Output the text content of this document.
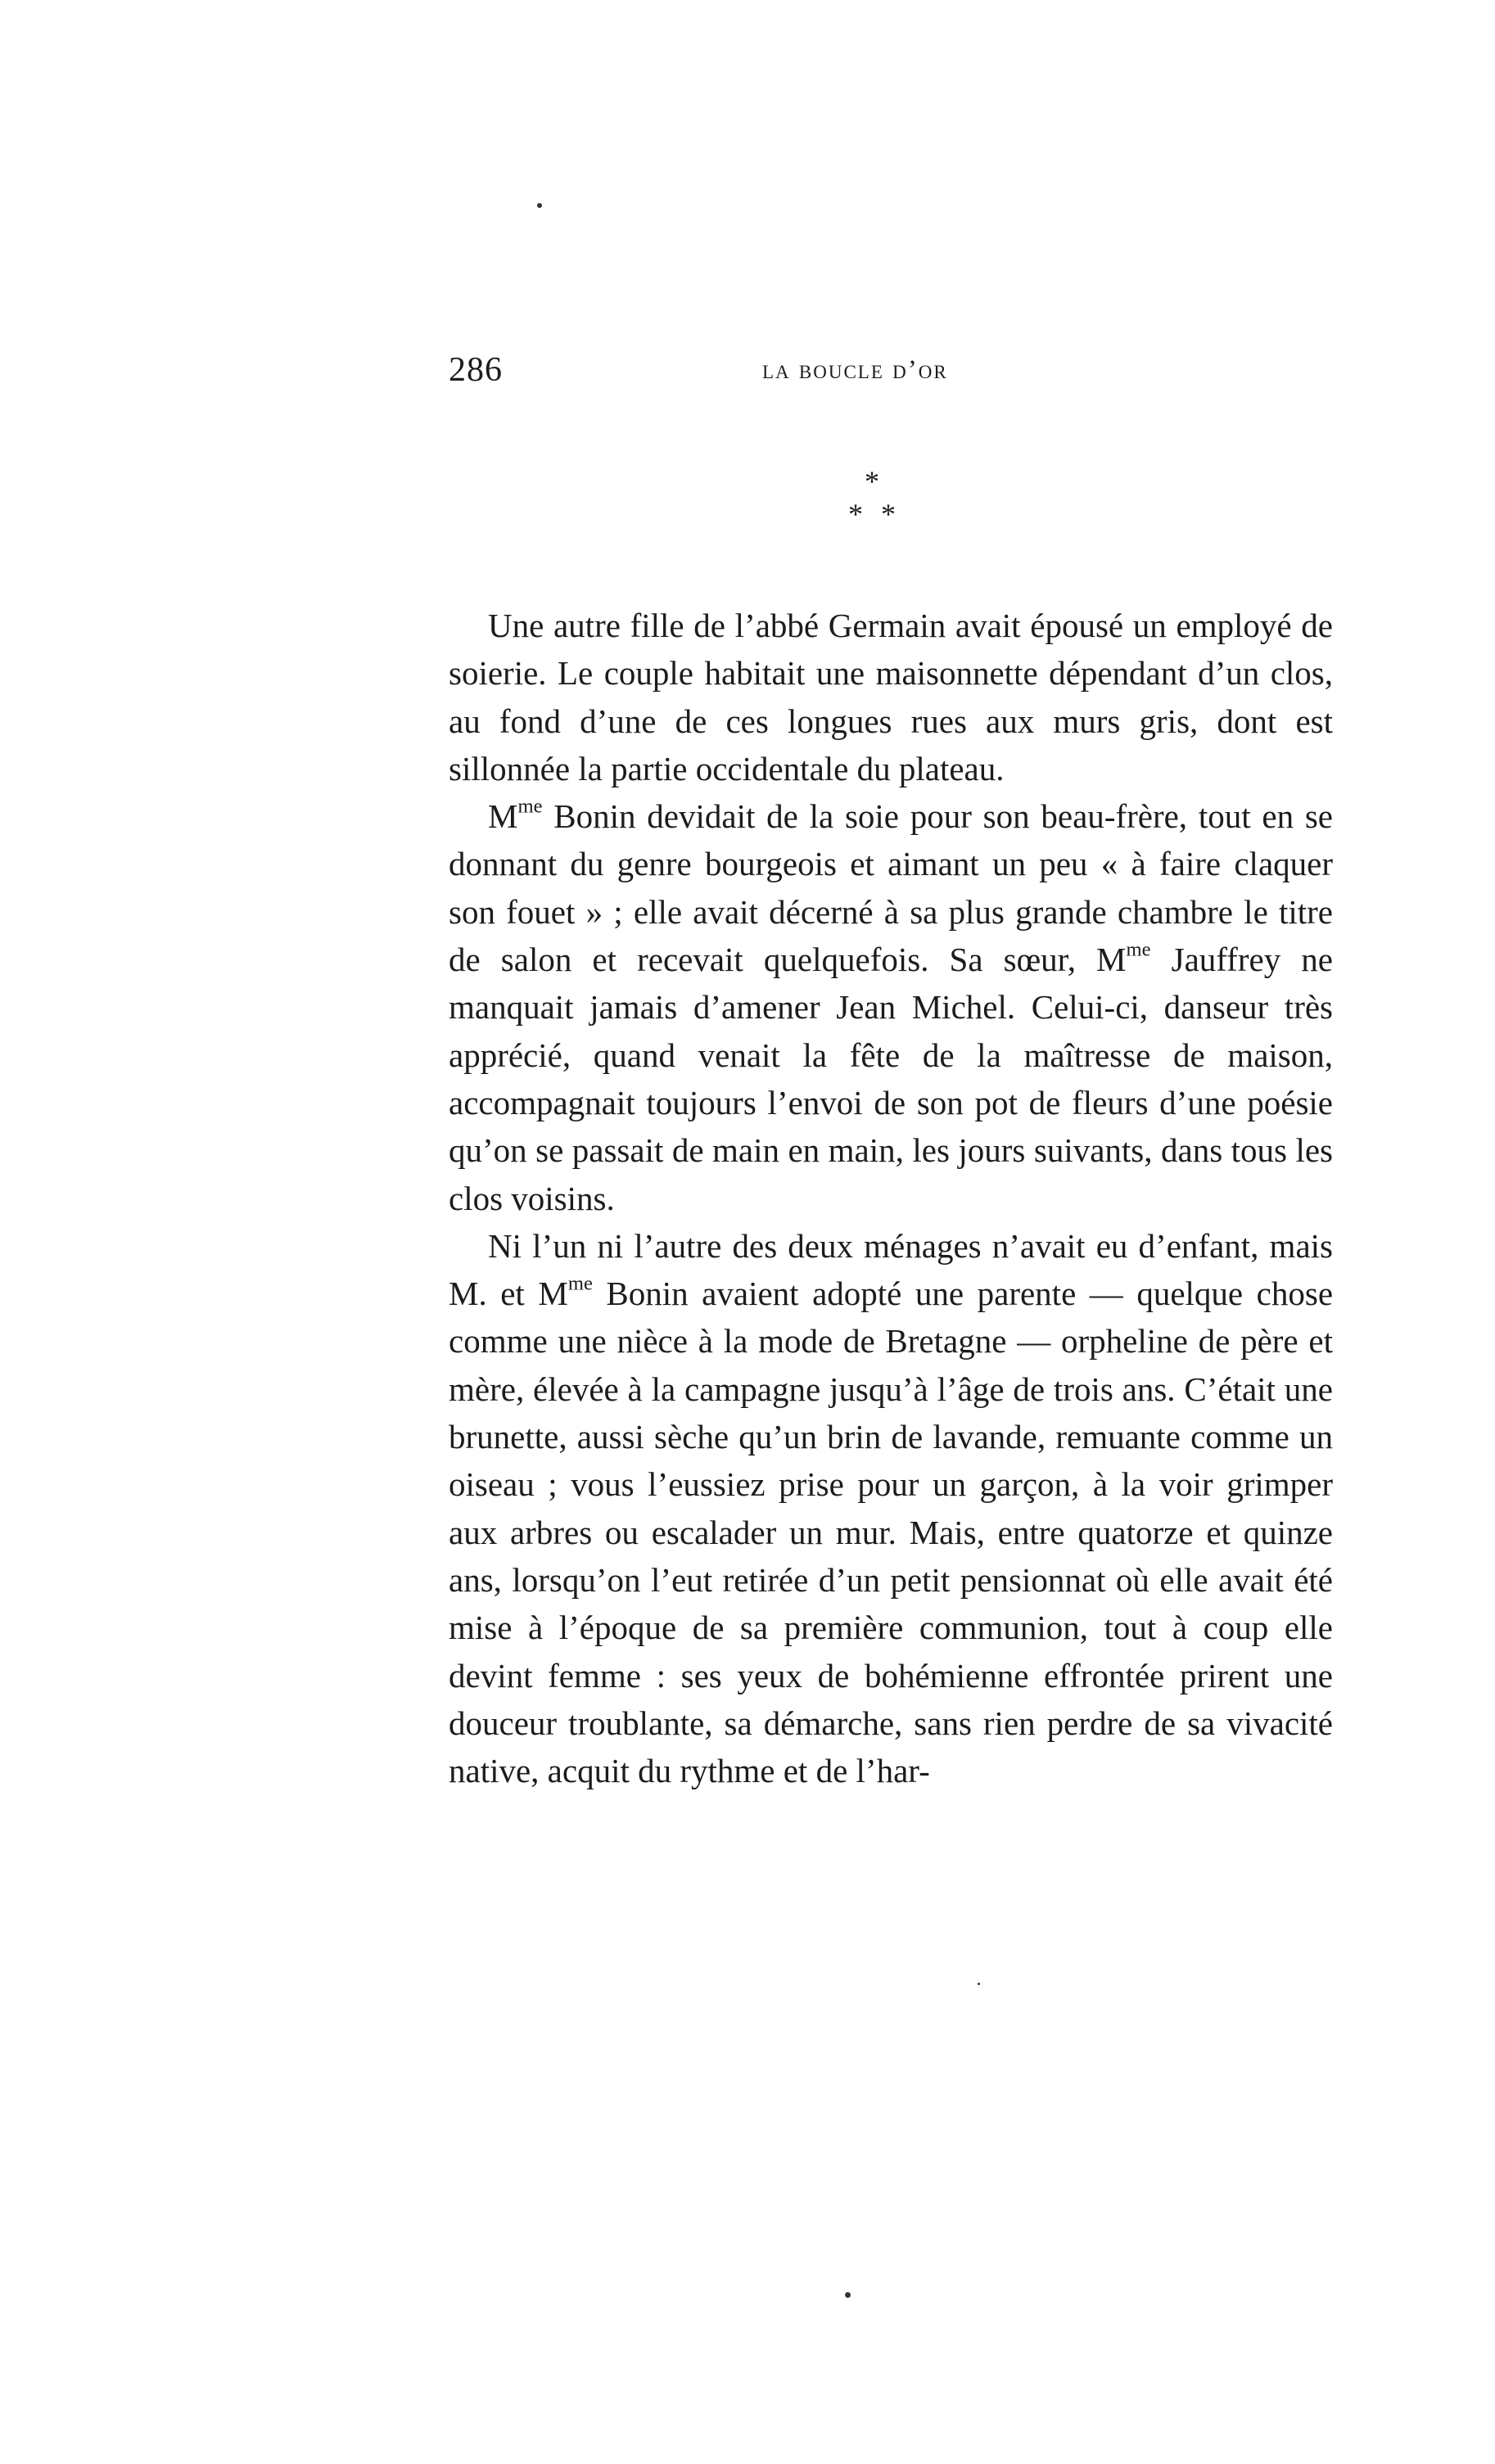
286	la boucle d’or
*
* *

Une autre fille de l’abbé Germain avait épousé un employé de soierie. Le couple habitait une maisonnette dépendant d’un clos, au fond d’une de ces longues rues aux murs gris, dont est sillonnée la partie occidentale du plateau.

$M^{me}$ Bonin devidait de la soie pour son beau-frère, tout en se donnant du genre bourgeois et aimant un peu « à faire claquer son fouet » ; elle avait décerné à sa plus grande chambre le titre de salon et recevait quelquefois. Sa sœur, $M^{me}$ Jauffrey ne manquait jamais d’amener Jean Michel. Celui-ci, danseur très apprécié, quand venait la fête de la maîtresse de maison, accompagnait toujours l’envoi de son pot de fleurs d’une poésie qu’on se passait de main en main, les jours suivants, dans tous les clos voisins.

Ni l’un ni l’autre des deux ménages n’avait eu d’enfant, mais M. et $M^{me}$ Bonin avaient adopté une parente — quelque chose comme une nièce à la mode de Bretagne — orpheline de père et mère, élevée à la campagne jusqu’à l’âge de trois ans. C’était une brunette, aussi sèche qu’un brin de lavande, remuante comme un oiseau ; vous l’eussiez prise pour un garçon, à la voir grimper aux arbres ou escalader un mur. Mais, entre quatorze et quinze ans, lorsqu’on l’eut retirée d’un petit pensionnat où elle avait été mise à l’époque de sa première communion, tout à coup elle devint femme : ses yeux de bohémienne effrontée prirent une douceur troublante, sa démarche, sans rien perdre de sa vivacité native, acquit du rythme et de l’har-
